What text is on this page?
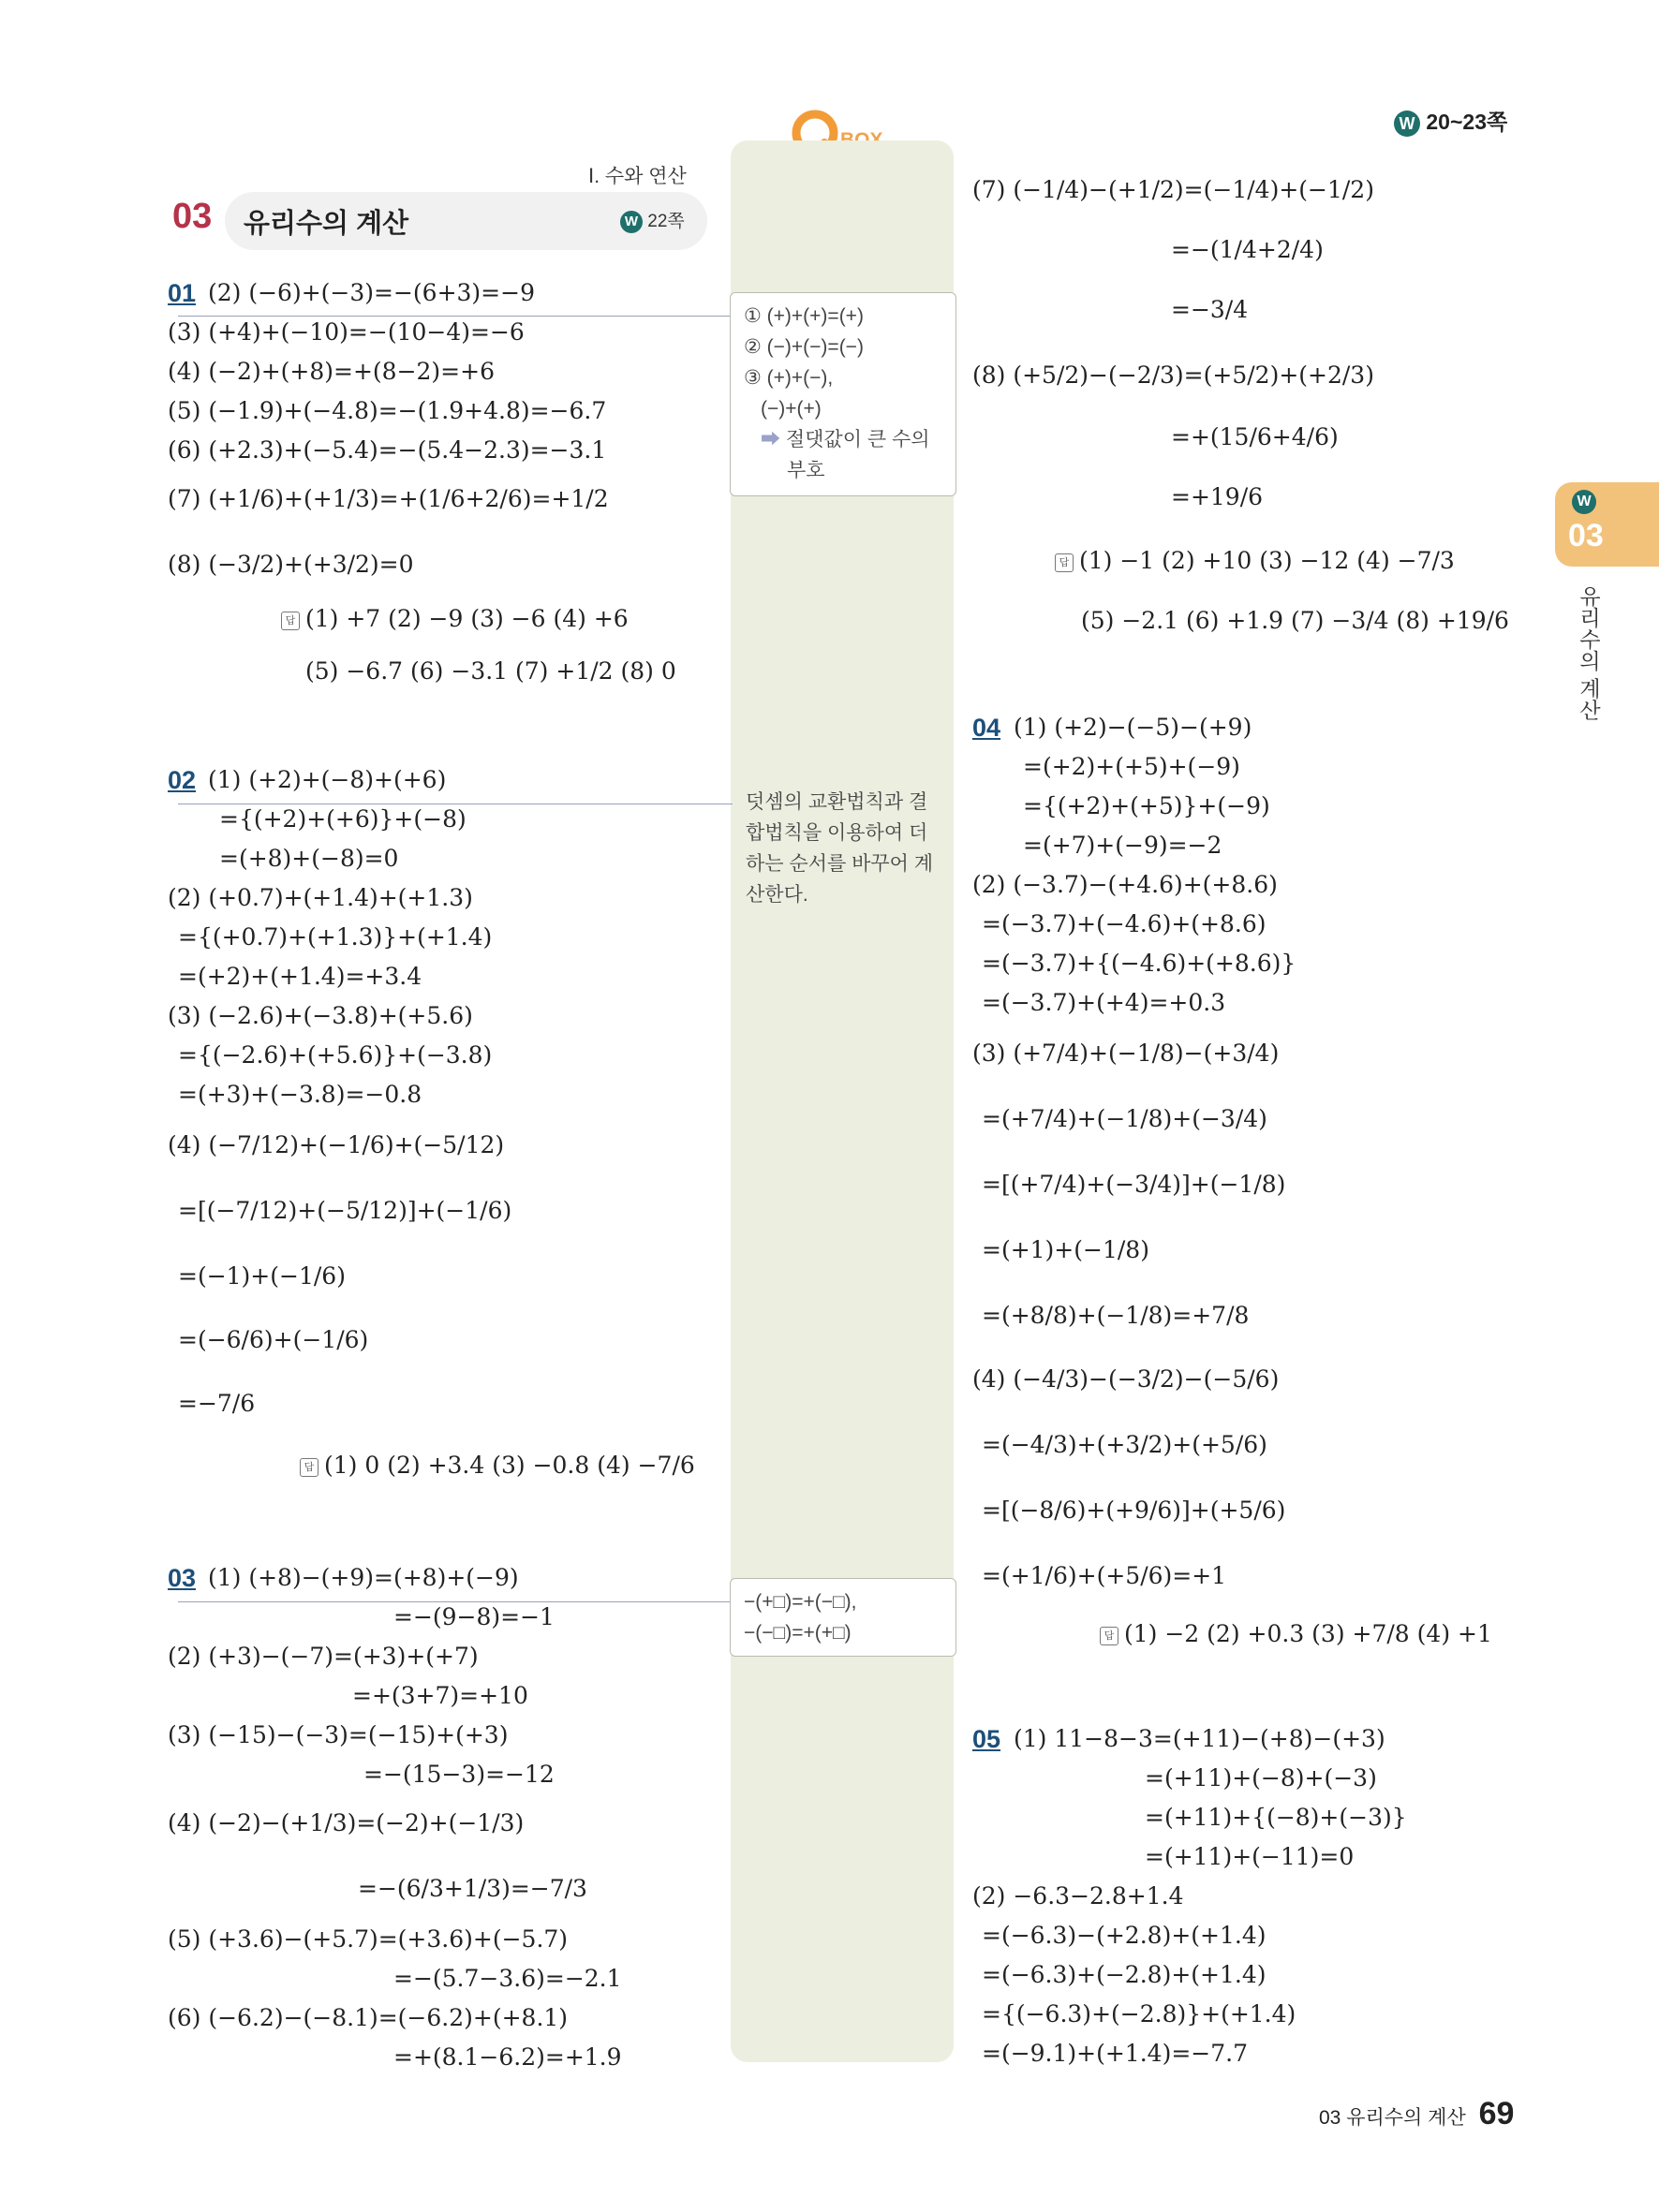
W 20~23쪽
Ⅰ. 수와 연산
03 유리수의 계산	W 22쪽
W
03
유리수의 계산
① (+)+(+)=(+)
② (−)+(−)=(−)
③ (+)+(−),
(−)+(+)
➡ 절댓값이 큰 수의
부호
덧셈의 교환법칙과 결
합법칙을 이용하여 더
하는 순서를 바꾸어 계
산한다.
−(+□)=+(−□),
−(−□)=+(+□)
01
02
03
04
05
(2) (−6)+(−3)=−(6+3)=−9
(3) (+4)+(−10)=−(10−4)=−6
(4) (−2)+(+8)=+(8−2)=+6
(5) (−1.9)+(−4.8)=−(1.9+4.8)=−6.7
(6) (+2.3)+(−5.4)=−(5.4−2.3)=−3.1
(7) (+1/6)+(+1/3)=+(1/6+2/6)=+1/2
(8) (−3/2)+(+3/2)=0
답 (1) +7 (2) −9 (3) −6 (4) +6
(5) −6.7 (6) −3.1 (7) +1/2 (8) 0
(1) (+2)+(−8)+(+6)
={(+2)+(+6)}+(−8)
=(+8)+(−8)=0
(2) (+0.7)+(+1.4)+(+1.3)
={(+0.7)+(+1.3)}+(+1.4)
=(+2)+(+1.4)=+3.4
(3) (−2.6)+(−3.8)+(+5.6)
={(−2.6)+(+5.6)}+(−3.8)
=(+3)+(−3.8)=−0.8
(4) (−7/12)+(−1/6)+(−5/12)
=[(−7/12)+(−5/12)]+(−1/6)
=(−1)+(−1/6)
=(−6/6)+(−1/6)
=−7/6
답 (1) 0 (2) +3.4 (3) −0.8 (4) −7/6
(1) (+8)−(+9)=(+8)+(−9)
=−(9−8)=−1
(2) (+3)−(−7)=(+3)+(+7)
=+(3+7)=+10
(3) (−15)−(−3)=(−15)+(+3)
=−(15−3)=−12
(4) (−2)−(+1/3)=(−2)+(−1/3)
=−(6/3+1/3)=−7/3
(5) (+3.6)−(+5.7)=(+3.6)+(−5.7)
=−(5.7−3.6)=−2.1
(6) (−6.2)−(−8.1)=(−6.2)+(+8.1)
=+(8.1−6.2)=+1.9
(7) (−1/4)−(+1/2)=(−1/4)+(−1/2)
=−(1/4+2/4)
=−3/4
(8) (+5/2)−(−2/3)=(+5/2)+(+2/3)
=+(15/6+4/6)
=+19/6
답 (1) −1 (2) +10 (3) −12 (4) −7/3
(5) −2.1 (6) +1.9 (7) −3/4 (8) +19/6
(1) (+2)−(−5)−(+9)
=(+2)+(+5)+(−9)
={(+2)+(+5)}+(−9)
=(+7)+(−9)=−2
(2) (−3.7)−(+4.6)+(+8.6)
=(−3.7)+(−4.6)+(+8.6)
=(−3.7)+{(−4.6)+(+8.6)}
=(−3.7)+(+4)=+0.3
(3) (+7/4)+(−1/8)−(+3/4)
=(+7/4)+(−1/8)+(−3/4)
=[(+7/4)+(−3/4)]+(−1/8)
=(+1)+(−1/8)
=(+8/8)+(−1/8)=+7/8
(4) (−4/3)−(−3/2)−(−5/6)
=(−4/3)+(+3/2)+(+5/6)
=[(−8/6)+(+9/6)]+(+5/6)
=(+1/6)+(+5/6)=+1
답 (1) −2 (2) +0.3 (3) +7/8 (4) +1
(1) 11−8−3=(+11)−(+8)−(+3)
=(+11)+(−8)+(−3)
=(+11)+{(−8)+(−3)}
=(+11)+(−11)=0
(2) −6.3−2.8+1.4
=(−6.3)−(+2.8)+(+1.4)
=(−6.3)+(−2.8)+(+1.4)
={(−6.3)+(−2.8)}+(+1.4)
=(−9.1)+(+1.4)=−7.7
03 유리수의 계산 69
